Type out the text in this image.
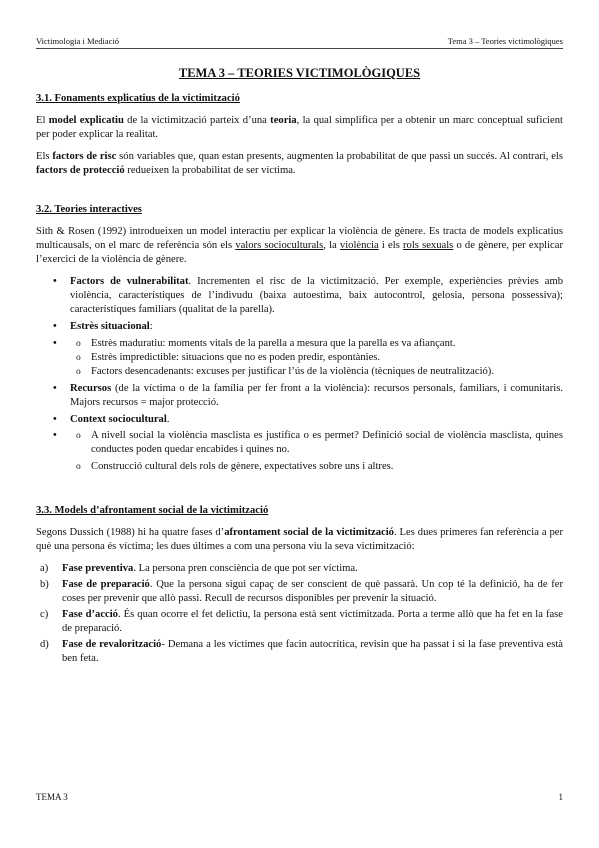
Victimologia i Mediació	Tema 3 – Teories victimològiques
TEMA 3 – TEORIES VICTIMOLÒGIQUES
3.1. Fonaments explicatius de la victimització

El model explicatiu de la victimització parteix d’una teoria, la qual simplifica per a obtenir un marc conceptual suficient per poder explicar la realitat.

Els factors de risc són variables que, quan estan presents, augmenten la probabilitat de que passi un succés. Al contrari, els factors de protecció redueixen la probabilitat de ser víctima.

3.2. Teories interactives

Sith & Rosen (1992) introdueixen un model interactiu per explicar la violència de gènere. Es tracta de models explicatius multicausals, on el marc de referència són els valors socioculturals, la violència i els rols sexuals o de gènere, per explicar l’exercici de la violència de gènere.

• Factors de vulnerabilitat. Incrementen el risc de la victimització. Per exemple, experiències prèvies amb violència, característiques de l’indivudu (baixa autoestima, baix autocontrol, gelosia, persona possessiva); característiques familiars (qualitat de la parella).
• Estrès situacional:
o • Estrès maduratiu: moments vitals de la parella a mesura que la parella es va afiançant.
o Estrès impredictible: situacions que no es poden predir, espontànies.
o Factors desencadenants: excuses per justificar l’ús de la violència (tècniques de neutralització).
• Recursos (de la víctima o de la família per fer front a la violència): recursos personals, familiars, i comunitaris. Majors recursos = major protecció.
• Context sociocultural.
o • A nivell social la violència masclista es justifica o es permet? Definició social de violència masclista, quines conductes poden quedar encabides i quines no.
o Construcció cultural dels rols de gènere, expectatives sobre uns i altres.
3.3. Models d’afrontament social de la victimització

Segons Dussich (1988) hi ha quatre fases d’afrontament social de la victimització. Les dues primeres fan referència a per què una persona és víctima; les dues últimes a com una persona viu la seva victimització:

a) Fase preventiva. La persona pren consciència de que pot ser víctima.
b) Fase de preparació. Que la persona sigui capaç de ser conscient de què passarà. Un cop té la definició, ha de fer coses per prevenir que allò passi. Recull de recursos disponibles per prevenir la situació.
c) Fase d’acció. És quan ocorre el fet delictiu, la persona està sent victimitzada. Porta a terme allò que ha fet en la fase de preparació.
d) Fase de revalorització- Demana a les víctimes que facin autocrítica, revisin que ha passat i si la fase preventiva està ben feta.
TEMA 3	1
